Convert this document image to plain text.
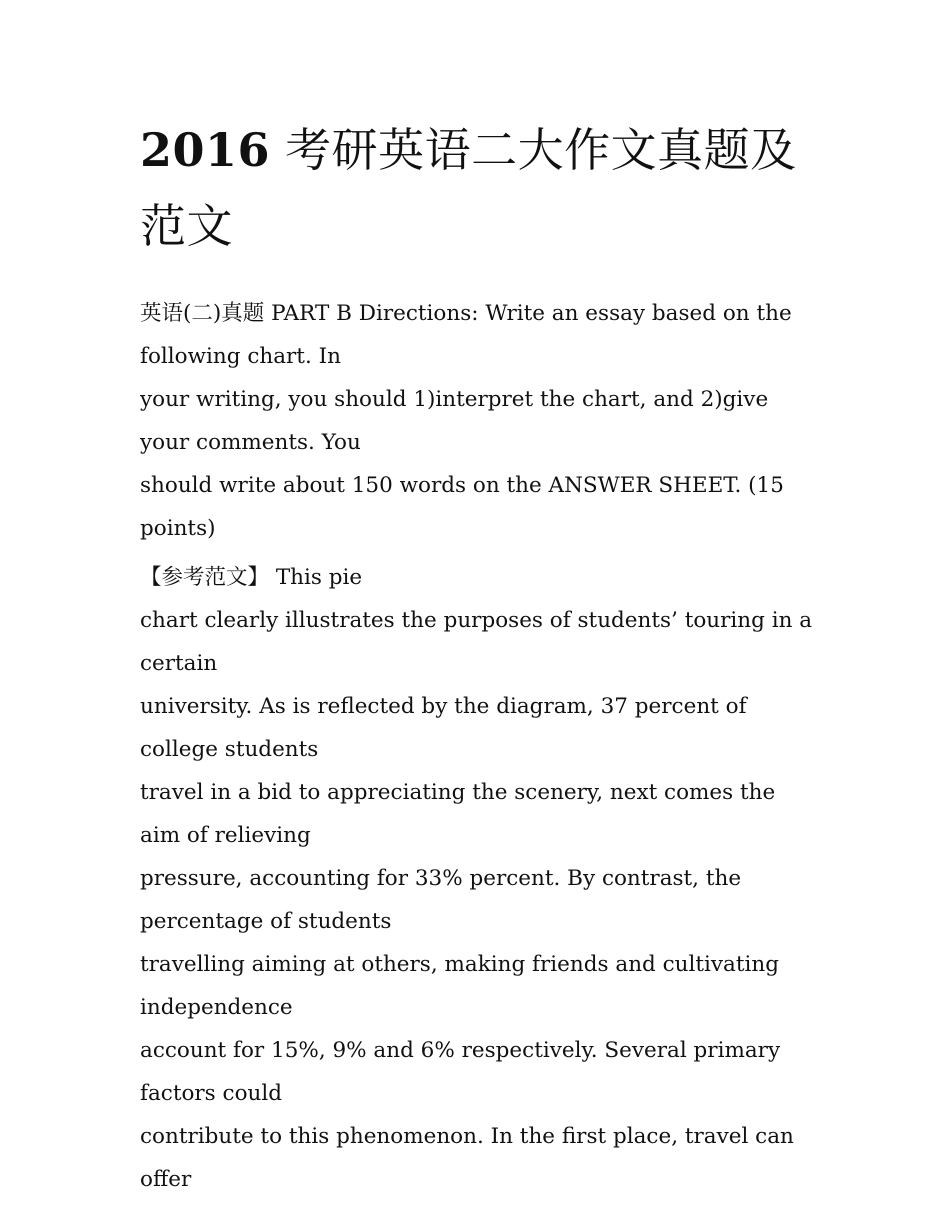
2016 考研英语二大作文真题及范文

英语(二)真题 PART B Directions: Write an essay based on the following chart. In

your writing, you should 1)interpret the chart, and 2)give your comments. You

should write about 150 words on the ANSWER SHEET. (15 points)

【参考范文】 This pie

chart clearly illustrates the purposes of students’ touring in a certain

university. As is reflected by the diagram, 37 percent of college students

travel in a bid to appreciating the scenery, next comes the aim of relieving

pressure, accounting for 33% percent. By contrast, the percentage of students

travelling aiming at others, making friends and cultivating independence

account for 15%, 9% and 6% respectively. Several primary factors could

contribute to this phenomenon. In the first place, travel can offer
